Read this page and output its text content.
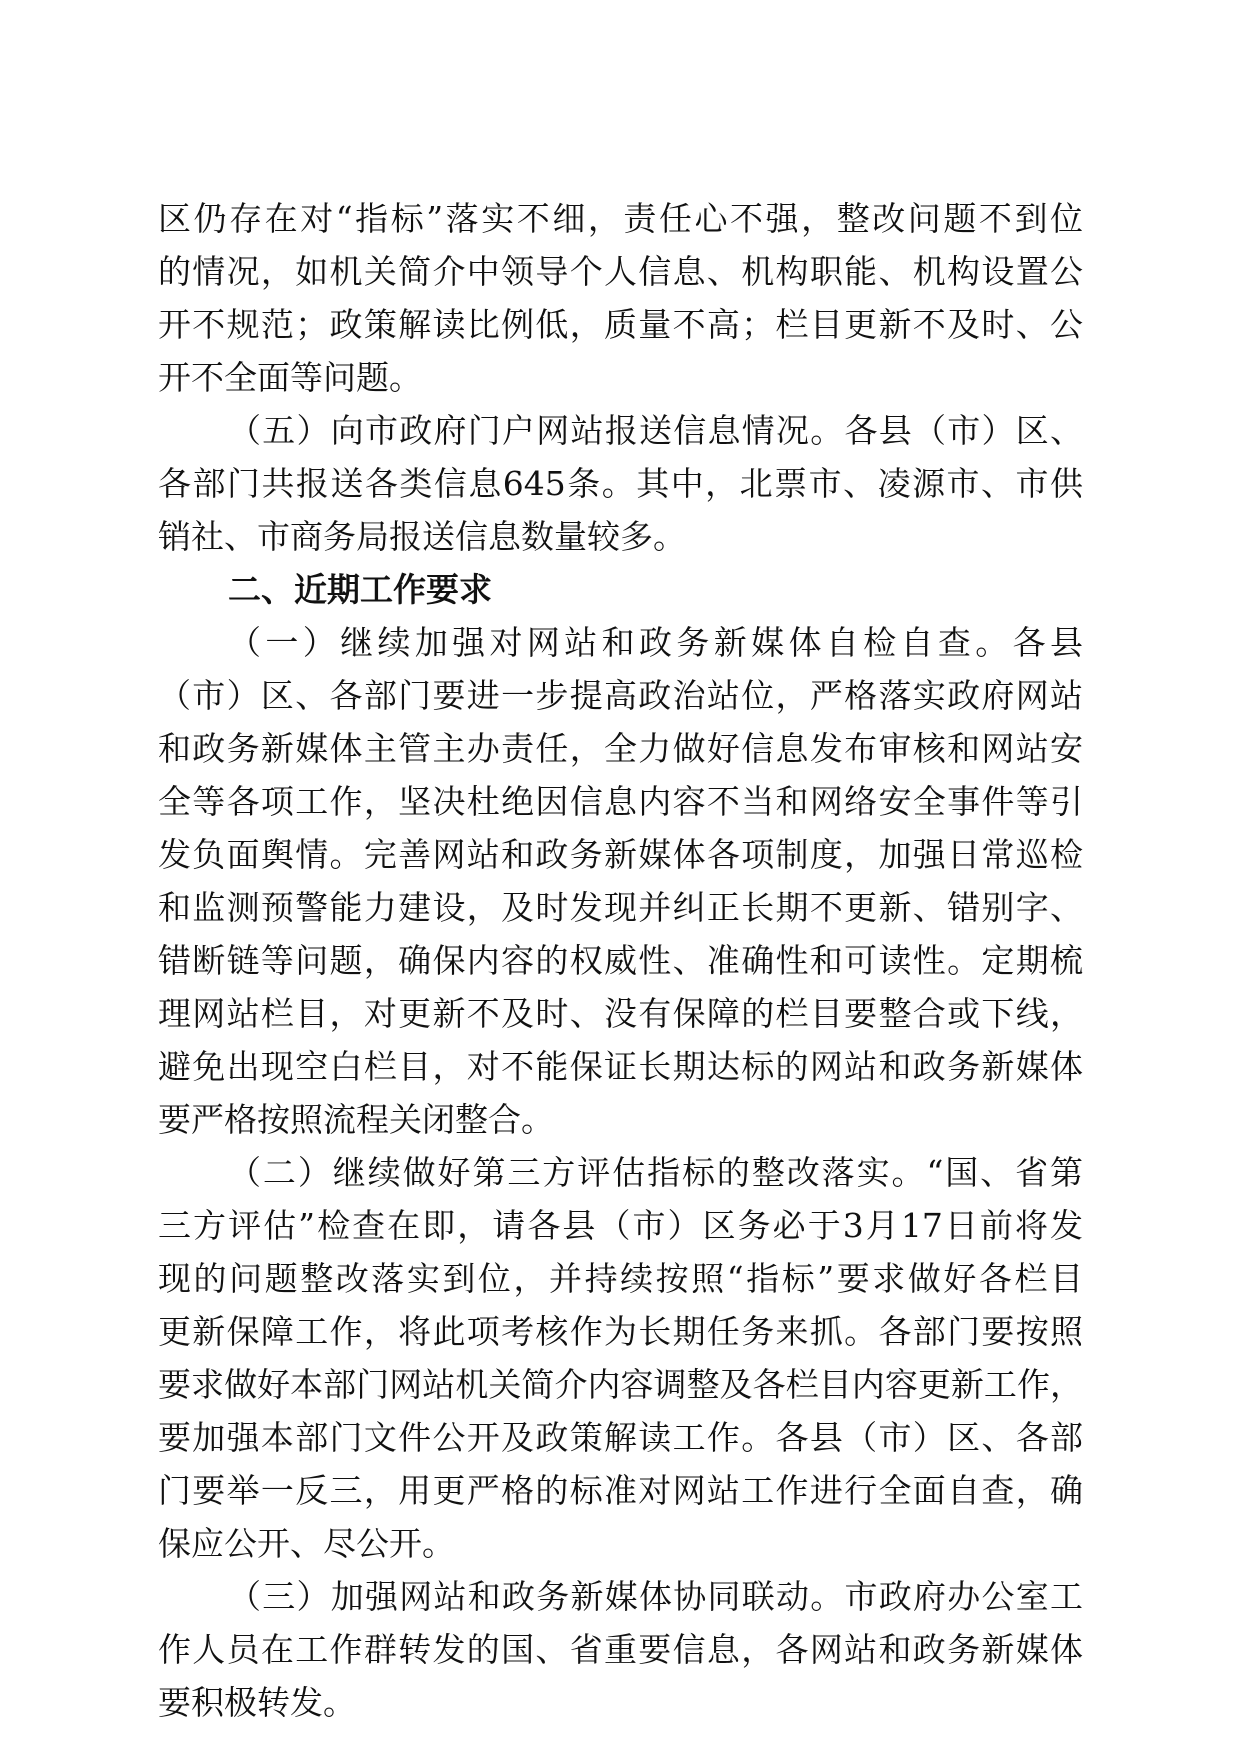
区仍存在对“指标”落实不细，责任心不强，整改问题不到位
的情况，如机关简介中领导个人信息、机构职能、机构设置公
开不规范；政策解读比例低，质量不高；栏目更新不及时、公
开不全面等问题。
（五）向市政府门户网站报送信息情况。各县（市）区、
各部门共报送各类信息645条。其中，北票市、凌源市、市供
销社、市商务局报送信息数量较多。
二、近期工作要求
（一）继续加强对网站和政务新媒体自检自查。各县
（市）区、各部门要进一步提高政治站位，严格落实政府网站
和政务新媒体主管主办责任，全力做好信息发布审核和网站安
全等各项工作，坚决杜绝因信息内容不当和网络安全事件等引
发负面舆情。完善网站和政务新媒体各项制度，加强日常巡检
和监测预警能力建设，及时发现并纠正长期不更新、错别字、
错断链等问题，确保内容的权威性、准确性和可读性。定期梳
理网站栏目，对更新不及时、没有保障的栏目要整合或下线，
避免出现空白栏目，对不能保证长期达标的网站和政务新媒体
要严格按照流程关闭整合。
（二）继续做好第三方评估指标的整改落实。“国、省第
三方评估”检查在即，请各县（市）区务必于3月17日前将发
现的问题整改落实到位，并持续按照“指标”要求做好各栏目
更新保障工作，将此项考核作为长期任务来抓。各部门要按照
要求做好本部门网站机关简介内容调整及各栏目内容更新工作，
要加强本部门文件公开及政策解读工作。各县（市）区、各部
门要举一反三，用更严格的标准对网站工作进行全面自查，确
保应公开、尽公开。
（三）加强网站和政务新媒体协同联动。市政府办公室工
作人员在工作群转发的国、省重要信息，各网站和政务新媒体
要积极转发。
